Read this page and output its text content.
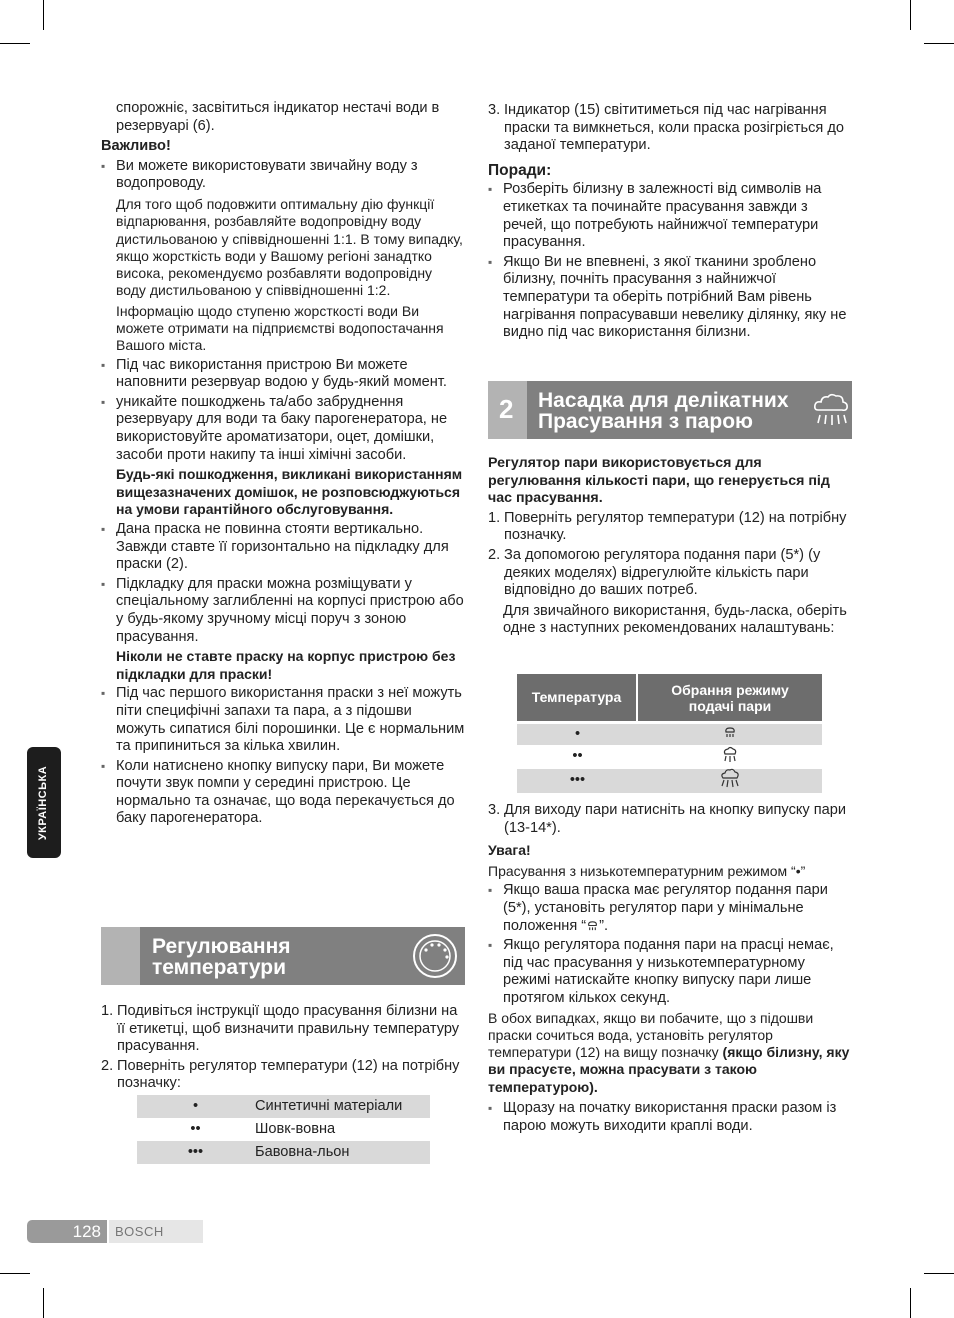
УКРАЇНСЬКА

спорожніє, засвітиться індикатор нестачі води в резервуарі (6).

Важливо!

▪ Ви можете використовувати звичайну воду з водопроводу.

Для того щоб подовжити оптимальну дію функції відпарювання, розбавляйте водопровідну воду дистильованою у співвідношенні 1:1. В тому випадку, якщо жорсткість води у Вашому регіоні занадтко висока, рекомендуємо розбавляти водопровідну воду дистильованою у співвідношенні 1:2.

Інформацію щодо ступеню жорсткості води Ви можете отримати на підприємстві водопостачання Вашого міста.

▪ Під час використання пристрою Ви можете наповнити резервуар водою у будь-який момент.
▪ уникайте пошкоджень та/або забруднення резервуару для води та баку парогенератора, не використовуйте ароматизатори, оцет, домішки, засоби проти накипу та інші хімічні засоби.

Будь-які пошкодження, викликані використанням вищезазначених домішок, не розповсюджуються на умови гарантійного обслуговування.

▪ Дана праска не повинна стояти вертикально. Завжди ставте її горизонтально на підкладку для праски (2).
▪ Підкладку для праски можна розміщувати у спеціальному заглибленні на корпусі пристрою або у будь-якому зручному місці поруч з зоною прасування.

Ніколи не ставте праску на корпус пристрою без підкладки для праски!

▪ Під час першого використання праски з неї можуть піти специфічні запахи та пара, а з підошви можуть сипатися білі порошинки. Це є нормальним та припиниться за кілька хвилин.
▪ Коли натиснено кнопку випуску пари, Ви можете почути звук помпи у середині пристрою. Це нормально та означає, що вода перекачується до баку парогенератора.
Регулювання
температури
1. Подивіться інструкції щодо прасування білизни на її етикетці, щоб визначити правильну температуру прасування.
2. Поверніть регулятор температури (12) на потрібну позначку:
•	Синтетичні матеріали
••	Шовк-вовна
•••	Бавовна-льон
3. Індикатор (15) світитиметься під час нагрівання праски та вимкнеться, коли праска розігріється до заданої температури.

Поради:

▪ Розберіть білизну в залежності від символів на етикетках та починайте прасування завжди з речей, що потребують найнижчої температури прасування.
▪ Якщо Ви не впевнені, з якої тканини зроблено білизну, почніть прасування з найнижчої температури та оберіть потрібний Вам рівень нагрівання попрасувавши невелику ділянку, яку не видно під час використання білизни.
2 Насадка для делікатних
Прасування з парою

Регулятор пари використовується для регулювання кількості пари, що генерується під час прасування.

1. Поверніть регулятор температури (12) на потрібну позначку.
2. За допомогою регулятора подання пари (5*) (у деяких моделях) відрегулюйте кількість пари відповідно до ваших потреб.

Для звичайного використання, будь-ласка, оберіть одне з наступних рекомендованих налаштувань:

Температура	Обрання режиму подачі пари
•
••
•••
3. Для виходу пари натисніть на кнопку випуску пари (13-14*).

Увага!

Прасування з низькотемпературним режимом “•”

▪ Якщо ваша праска має регулятор подання пари (5*), установіть регулятор пари у мінімальне положення “ ”.
▪ Якщо регулятора подання пари на прасці немає, під час прасування у низькотемпературному режимі натискайте кнопку випуску пари лише протягом кількох секунд.

В обох випадках, якщо ви побачите, що з підошви праски сочиться вода, установіть регулятор температури (12) на вищу позначку (якщо білизну, яку ви прасуєте, можна прасувати з такою температурою).

▪ Щоразу на початку використання праски разом із парою можуть виходити краплі води.
128	BOSCH
